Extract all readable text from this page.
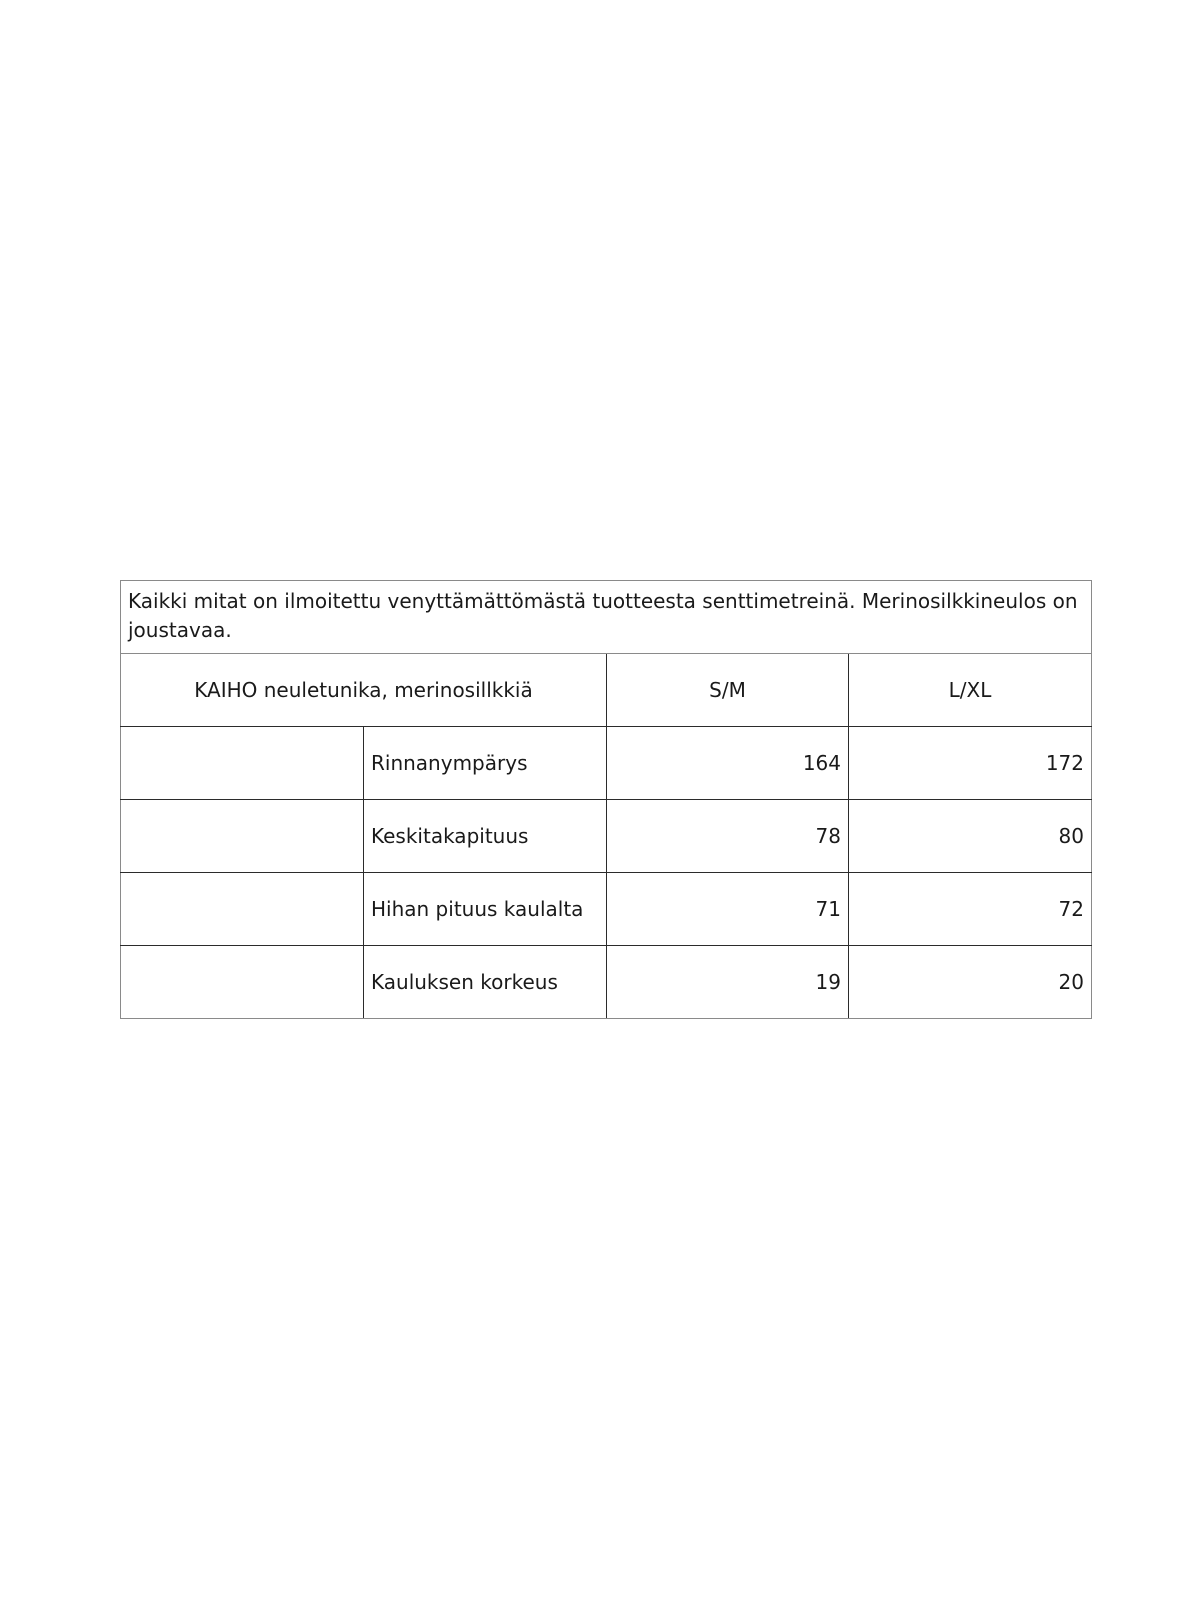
Kaikki mitat on ilmoitettu venyttämättömästä tuotteesta senttimetreinä. Merinosilkkineulos on joustavaa.			
KAIHO neuletunika, merinosillkkiä		S/M	L/XL
	Rinnanympärys	164	172
	Keskitakapituus	78	80
	Hihan pituus kaulalta	71	72
	Kauluksen korkeus	19	20
